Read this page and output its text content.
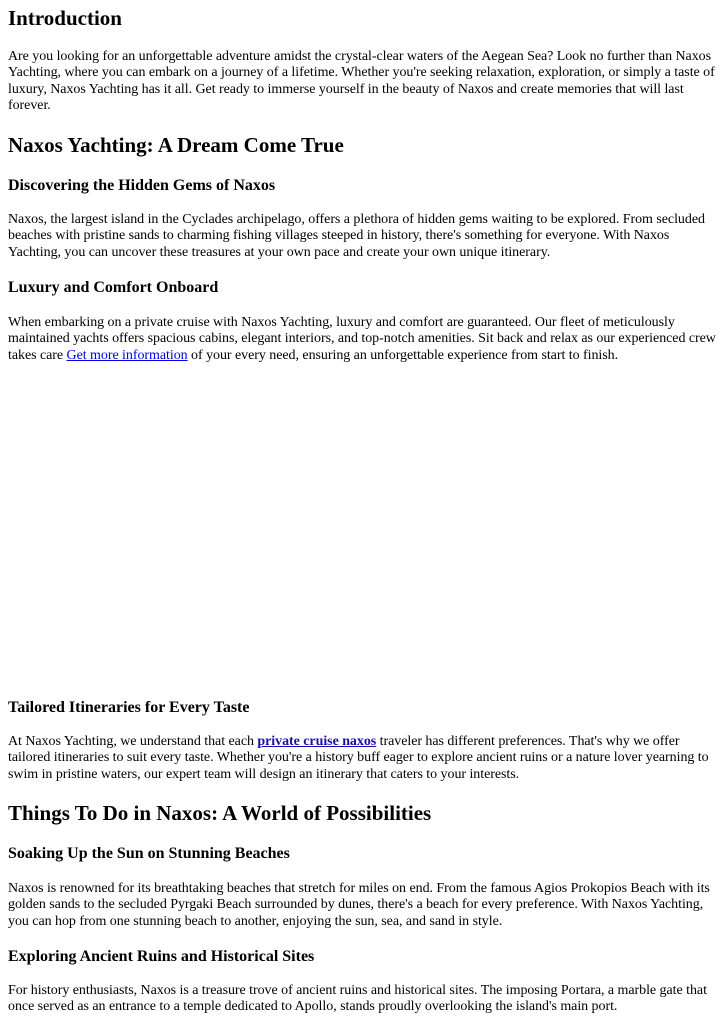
Introduction

Are you looking for an unforgettable adventure amidst the crystal-clear waters of the Aegean Sea? Look no further than Naxos Yachting, where you can embark on a journey of a lifetime. Whether you're seeking relaxation, exploration, or simply a taste of luxury, Naxos Yachting has it all. Get ready to immerse yourself in the beauty of Naxos and create memories that will last forever.

Naxos Yachting: A Dream Come True
Discovering the Hidden Gems of Naxos

Naxos, the largest island in the Cyclades archipelago, offers a plethora of hidden gems waiting to be explored. From secluded beaches with pristine sands to charming fishing villages steeped in history, there's something for everyone. With Naxos Yachting, you can uncover these treasures at your own pace and create your own unique itinerary.

Luxury and Comfort Onboard

When embarking on a private cruise with Naxos Yachting, luxury and comfort are guaranteed. Our fleet of meticulously maintained yachts offers spacious cabins, elegant interiors, and top-notch amenities. Sit back and relax as our experienced crew takes care Get more information of your every need, ensuring an unforgettable experience from start to finish.

Tailored Itineraries for Every Taste

At Naxos Yachting, we understand that each private cruise naxos traveler has different preferences. That's why we offer tailored itineraries to suit every taste. Whether you're a history buff eager to explore ancient ruins or a nature lover yearning to swim in pristine waters, our expert team will design an itinerary that caters to your interests.

Things To Do in Naxos: A World of Possibilities
Soaking Up the Sun on Stunning Beaches

Naxos is renowned for its breathtaking beaches that stretch for miles on end. From the famous Agios Prokopios Beach with its golden sands to the secluded Pyrgaki Beach surrounded by dunes, there's a beach for every preference. With Naxos Yachting, you can hop from one stunning beach to another, enjoying the sun, sea, and sand in style.

Exploring Ancient Ruins and Historical Sites

For history enthusiasts, Naxos is a treasure trove of ancient ruins and historical sites. The imposing Portara, a marble gate that once served as an entrance to a temple dedicated to Apollo, stands proudly overlooking the island's main port.
